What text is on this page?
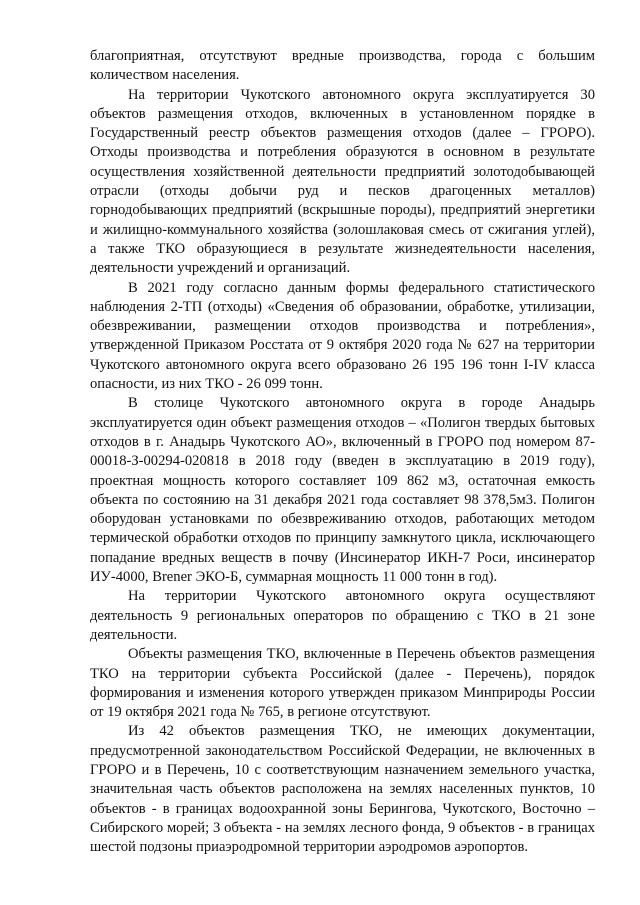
благоприятная, отсутствуют вредные производства, города с большим количеством населения.

На территории Чукотского автономного округа эксплуатируется 30 объектов размещения отходов, включенных в установленном порядке в Государственный реестр объектов размещения отходов (далее – ГРОРО). Отходы производства и потребления образуются в основном в результате осуществления хозяйственной деятельности предприятий золотодобывающей отрасли (отходы добычи руд и песков драгоценных металлов) горнодобывающих предприятий (вскрышные породы), предприятий энергетики и жилищно-коммунального хозяйства (золошлаковая смесь от сжигания углей), а также ТКО образующиеся в результате жизнедеятельности населения, деятельности учреждений и организаций.

В 2021 году согласно данным формы федерального статистического наблюдения 2-ТП (отходы) «Сведения об образовании, обработке, утилизации, обезвреживании, размещении отходов производства и потребления», утвержденной Приказом Росстата от 9 октября 2020 года № 627 на территории Чукотского автономного округа всего образовано 26 195 196 тонн I-IV класса опасности, из них ТКО - 26 099 тонн.

В столице Чукотского автономного округа в городе Анадырь эксплуатируется один объект размещения отходов – «Полигон твердых бытовых отходов в г. Анадырь Чукотского АО», включенный в ГРОРО под номером 87-00018-З-00294-020818 в 2018 году (введен в эксплуатацию в 2019 году), проектная мощность которого составляет 109 862 м3, остаточная емкость объекта по состоянию на 31 декабря 2021 года составляет 98 378,5м3. Полигон оборудован установками по обезвреживанию отходов, работающих методом термической обработки отходов по принципу замкнутого цикла, исключающего попадание вредных веществ в почву (Инсинератор ИКН-7 Роси, инсинератор ИУ-4000, Brener ЭКО-Б, суммарная мощность 11 000 тонн в год).

На территории Чукотского автономного округа осуществляют деятельность 9 региональных операторов по обращению с ТКО в 21 зоне деятельности.

Объекты размещения ТКО, включенные в Перечень объектов размещения ТКО на территории субъекта Российской (далее - Перечень), порядок формирования и изменения которого утвержден приказом Минприроды России от 19 октября 2021 года № 765, в регионе отсутствуют.

Из 42 объектов размещения ТКО, не имеющих документации, предусмотренной законодательством Российской Федерации, не включенных в ГРОРО и в Перечень, 10 с соответствующим назначением земельного участка, значительная часть объектов расположена на землях населенных пунктов, 10 объектов - в границах водоохранной зоны Берингова, Чукотского, Восточно – Сибирского морей; 3 объекта - на землях лесного фонда, 9 объектов - в границах шестой подзоны приаэродромной территории аэродромов аэропортов.
